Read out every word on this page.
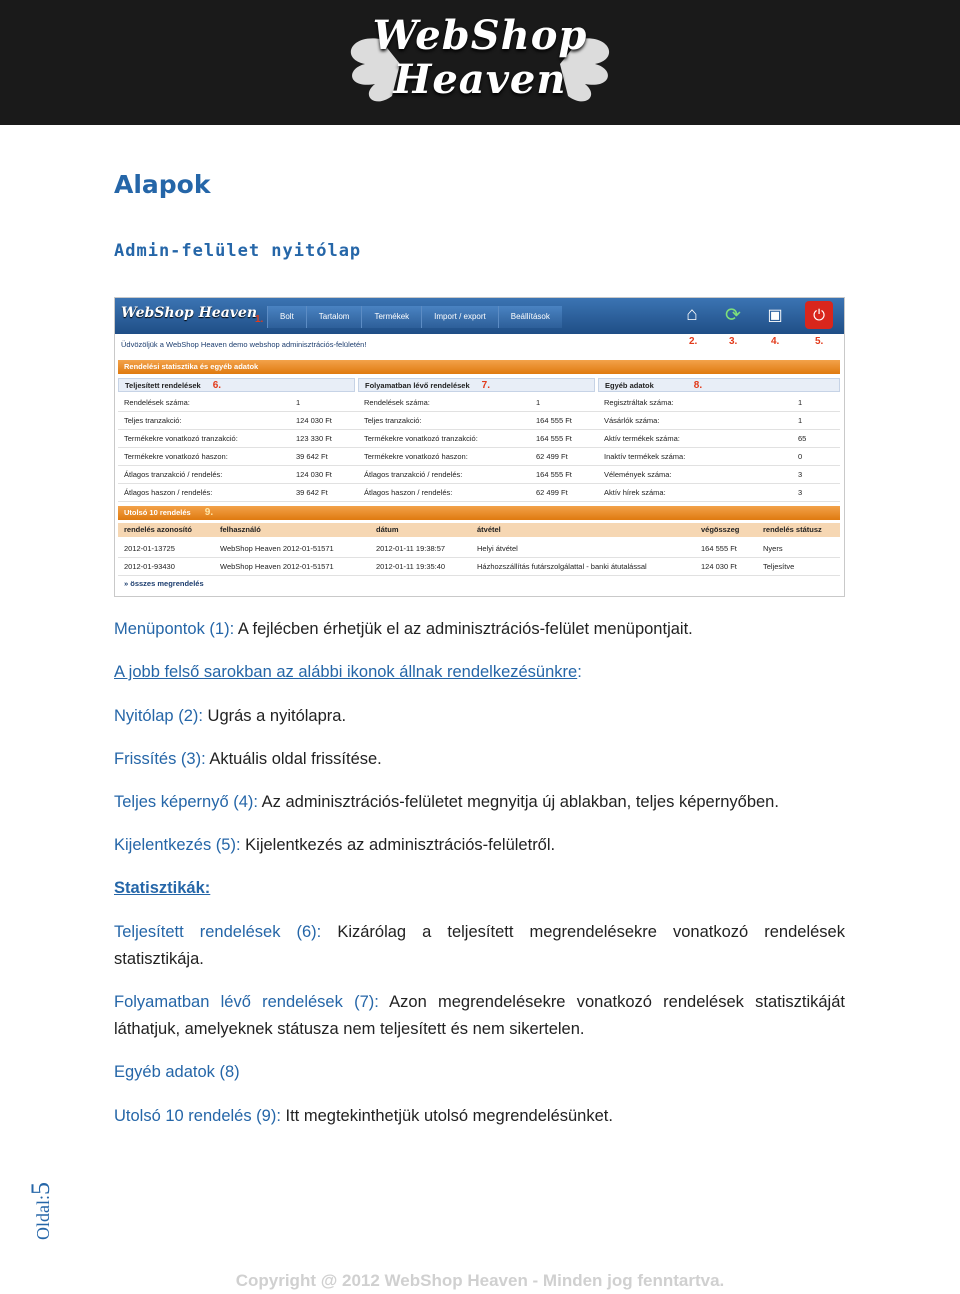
WebShop
Heaven
Alapok
Admin-felület nyitólap
WebShop Heaven
1.	Bolt	Tartalom	Termékek	Import / export	Beállítások	⌂	⟳	▣	⏻
Üdvözöljük a WebShop Heaven demo webshop adminisztrációs-felületén!	2.	3.	4.	5.
Rendelési statisztika és egyéb adatok
Teljesített rendelések 6.	Folyamatban lévő rendelések 7.	Egyéb adatok	8.
Rendelések száma:	1	Rendelések száma:	1	Regisztráltak száma:	1
Teljes tranzakció:	124 030 Ft	Teljes tranzakció:	164 555 Ft	Vásárlók száma:	1
Termékekre vonatkozó tranzakció:	123 330 Ft	Termékekre vonatkozó tranzakció:	164 555 Ft	Aktív termékek száma:	65
Termékekre vonatkozó haszon:	39 642 Ft	Termékekre vonatkozó haszon:	62 499 Ft	Inaktív termékek száma:	0
Átlagos tranzakció / rendelés:	124 030 Ft	Átlagos tranzakció / rendelés:	164 555 Ft	Vélemények száma:	3
Átlagos haszon / rendelés:	39 642 Ft	Átlagos haszon / rendelés:	62 499 Ft	Aktív hírek száma:	3
Utolsó 10 rendelés 9.
rendelés azonosító	felhasználó	dátum	átvétel	végösszeg	rendelés státusz
2012-01-13725	WebShop Heaven 2012-01-51571	2012-01-11 19:38:57	Helyi átvétel	164 555 Ft	Nyers
2012-01-93430	WebShop Heaven 2012-01-51571	2012-01-11 19:35:40	Házhozszállítás futárszolgálattal - banki átutalással	124 030 Ft	Teljesítve
» összes megrendelés
Menüpontok (1): A fejlécben érhetjük el az adminisztrációs-felület menüpontjait.
A jobb felső sarokban az alábbi ikonok állnak rendelkezésünkre:
Nyitólap (2): Ugrás a nyitólapra.
Frissítés (3): Aktuális oldal frissítése.
Teljes képernyő (4): Az adminisztrációs-felületet megnyitja új ablakban, teljes képernyőben.
Kijelentkezés (5): Kijelentkezés az adminisztrációs-felületről.
Statisztikák:
Teljesített rendelések (6): Kizárólag a teljesített megrendelésekre vonatkozó rendelések statisztikája.
Folyamatban lévő rendelések (7): Azon megrendelésekre vonatkozó rendelések statisztikáját láthatjuk, amelyeknek státusza nem teljesített és nem sikertelen.
Egyéb adatok (8)
Utolsó 10 rendelés (9): Itt megtekinthetjük utolsó megrendelésünket.
Oldal:5
Copyright @ 2012 WebShop Heaven - Minden jog fenntartva.
